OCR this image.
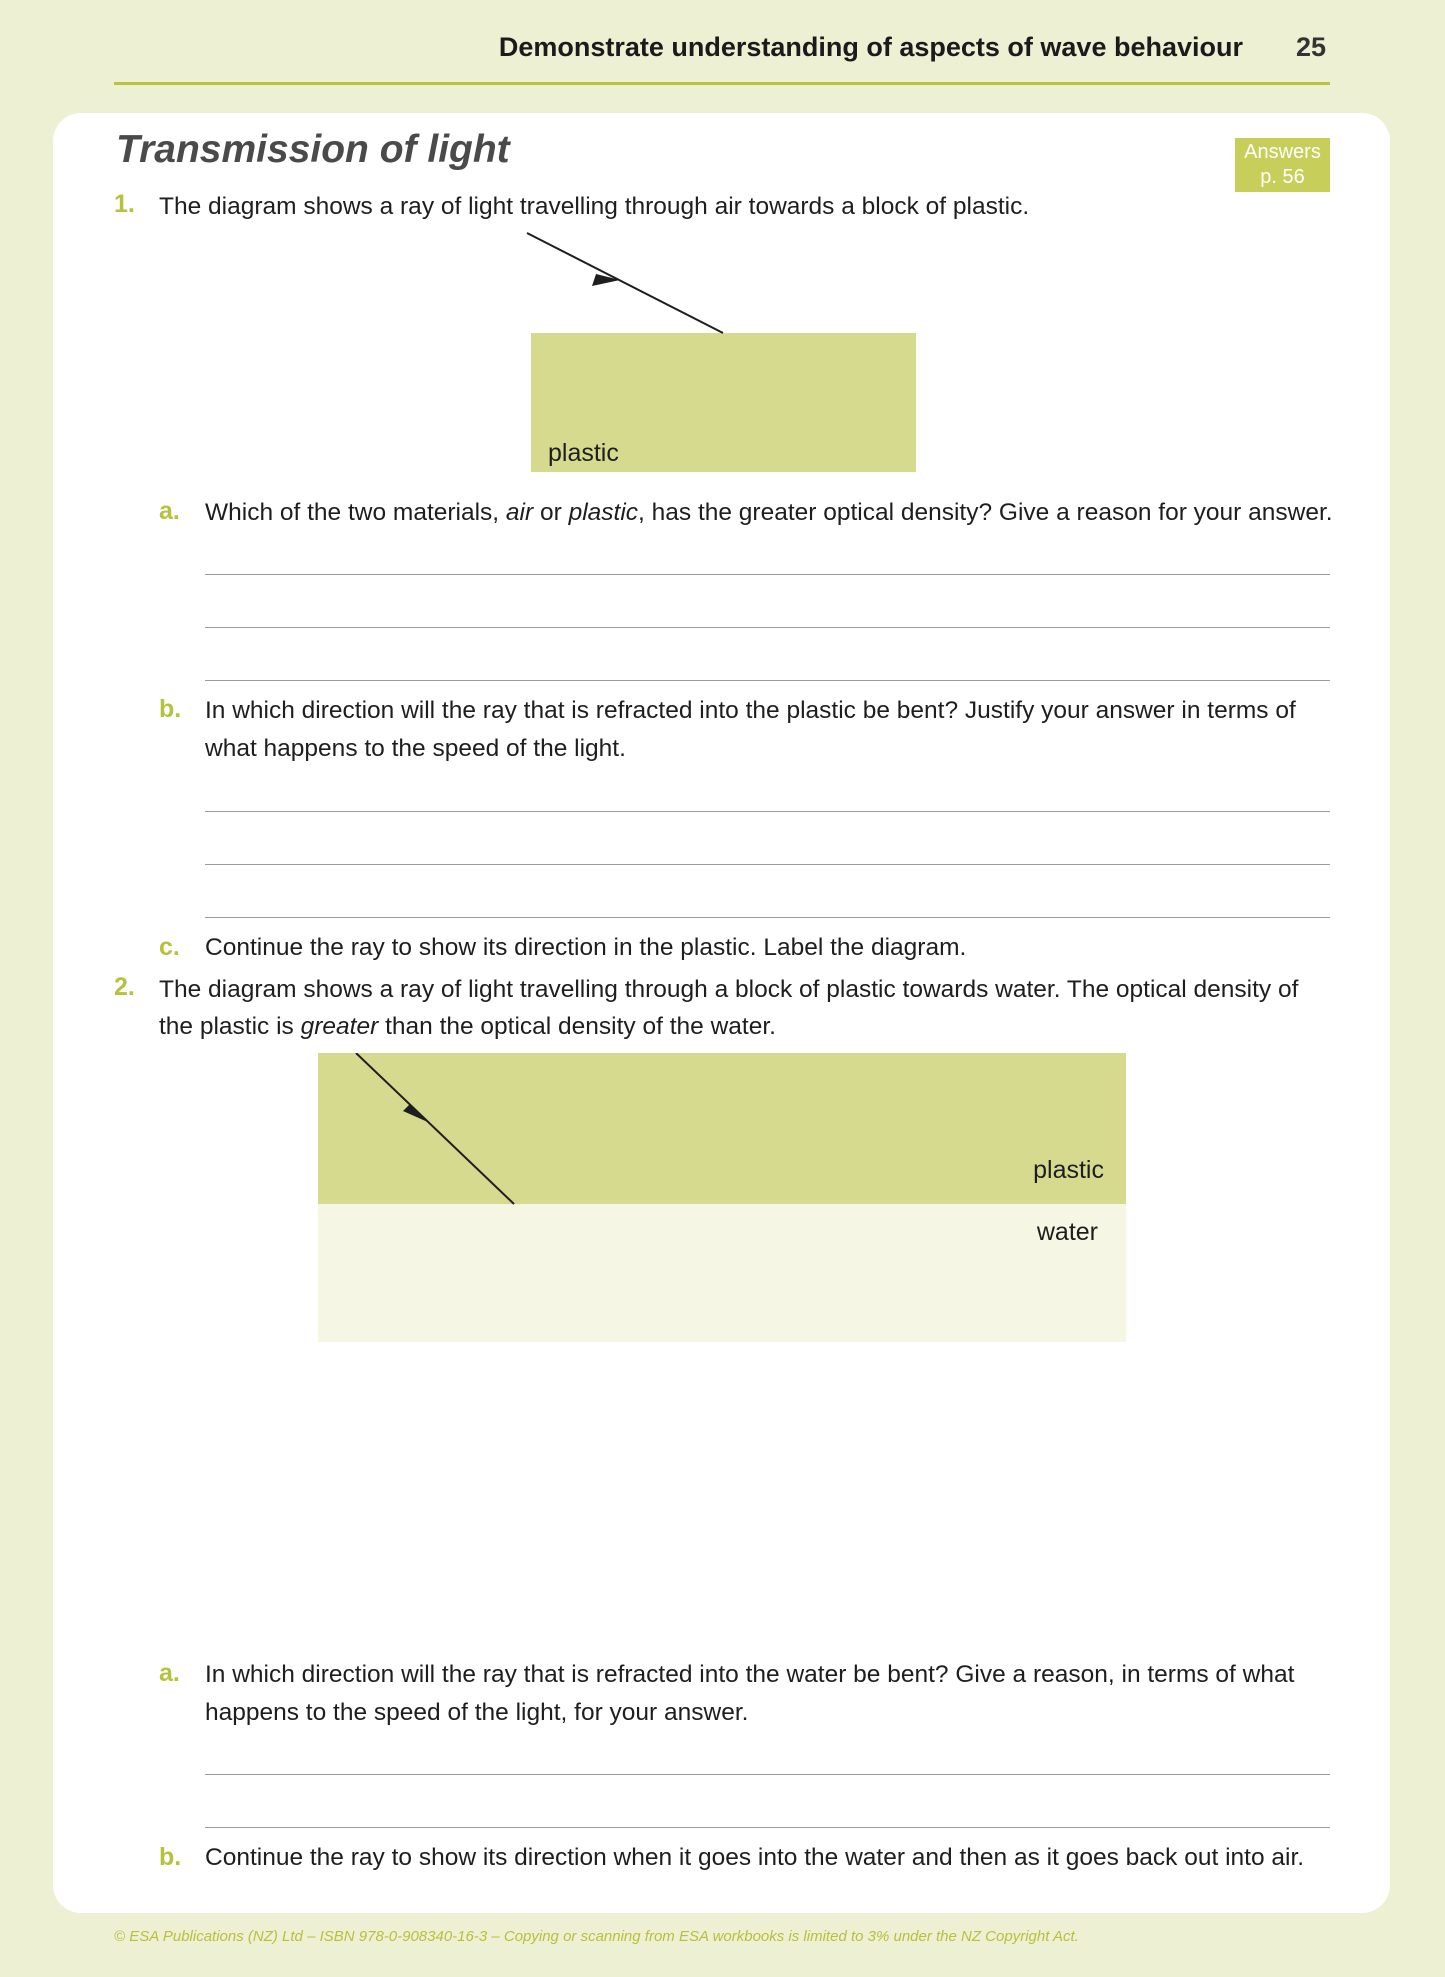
Demonstrate understanding of aspects of wave behaviour 25
Transmission of light	Answers
p. 56
1. The diagram shows a ray of light travelling through air towards a block of plastic.
plastic
a. Which of the two materials, air or plastic, has the greater optical density? Give a reason for your answer.
b. In which direction will the ray that is refracted into the plastic be bent? Justify your answer in terms of
what happens to the speed of the light.
c. Continue the ray to show its direction in the plastic. Label the diagram.
2. The diagram shows a ray of light travelling through a block of plastic towards water. The optical density of
the plastic is greater than the optical density of the water.
plastic
water
a. In which direction will the ray that is refracted into the water be bent? Give a reason, in terms of what
happens to the speed of the light, for your answer.
b. Continue the ray to show its direction when it goes into the water and then as it goes back out into air.
© ESA Publications (NZ) Ltd – ISBN 978-0-908340-16-3 – Copying or scanning from ESA workbooks is limited to 3% under the NZ Copyright Act.
